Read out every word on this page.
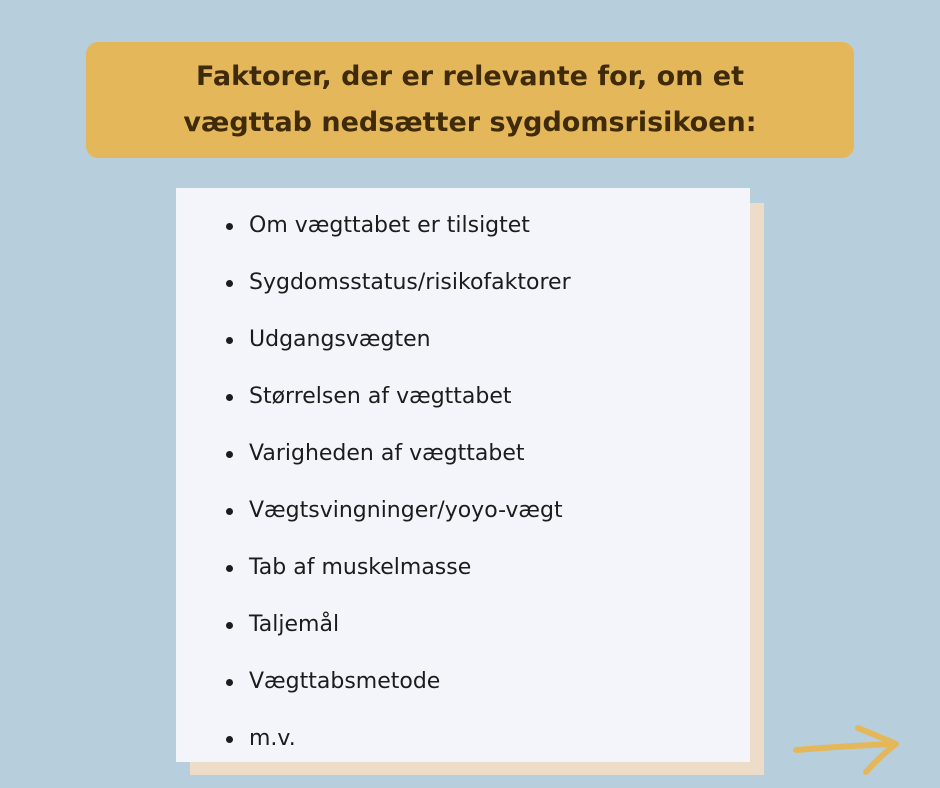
Faktorer, der er relevante for, om et
vægttab nedsætter sygdomsrisikoen:
Om vægttabet er tilsigtet
Sygdomsstatus/risikofaktorer
Udgangsvægten
Størrelsen af vægttabet
Varigheden af vægttabet
Vægtsvingninger/yoyo-vægt
Tab af muskelmasse
Taljemål
Vægttabsmetode
m.v.
